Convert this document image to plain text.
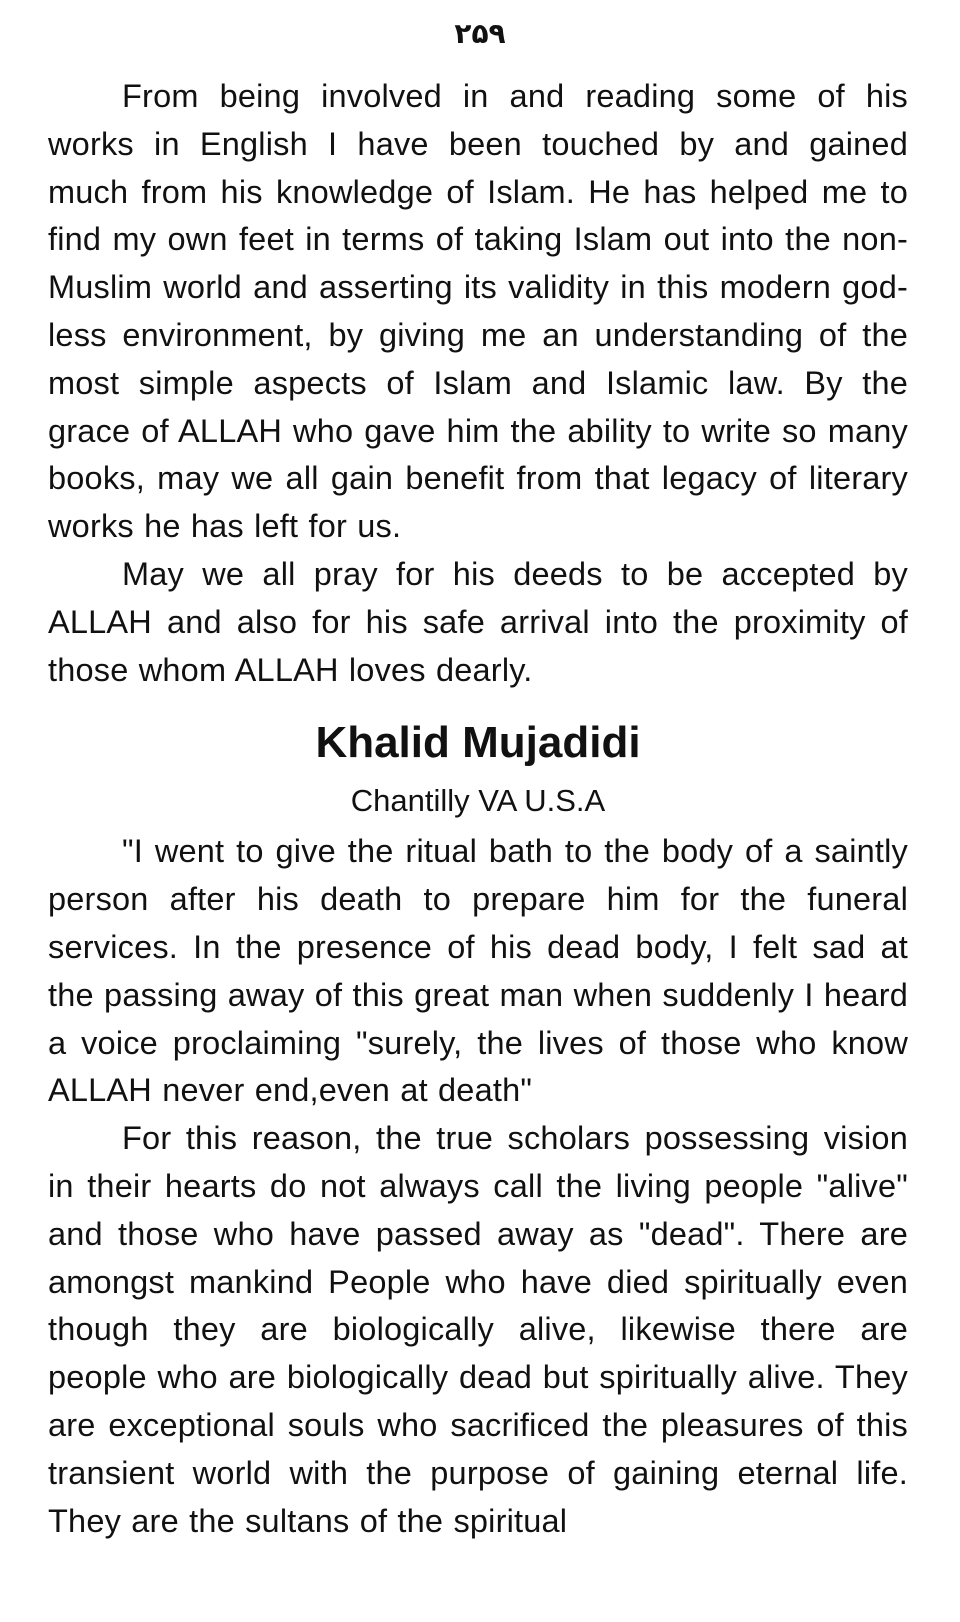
۲۵۹

From being involved in and reading some of his works in English I have been touched by and gained much from his knowledge of Islam. He has helped me to find my own feet in terms of taking Islam out into the non-Muslim world and asserting its validity in this modern god-less environment, by giving me an understanding of the most simple aspects of Islam and Islamic law. By the grace of ALLAH who gave him the ability to write so many books, may we all gain benefit from that legacy of literary works he has left for us.

May we all pray for his deeds to be accepted by ALLAH and also for his safe arrival into the proximity of those whom ALLAH loves dearly.

Khalid Mujadidi
Chantilly VA U.S.A

"I went to give the ritual bath to the body of a saintly person after his death to prepare him for the funeral services. In the presence of his dead body, I felt sad at the passing away of this great man when suddenly I heard a voice proclaiming "surely, the lives of those who know ALLAH never end,even at death"

For this reason, the true scholars possessing vision in their hearts do not always call the living people "alive" and those who have passed away as "dead". There are amongst mankind People who have died spiritually even though they are biologically alive, likewise there are people who are biologically dead but spiritually alive. They are exceptional souls who sacrificed the pleasures of this transient world with the purpose of gaining eternal life. They are the sultans of the spiritual
